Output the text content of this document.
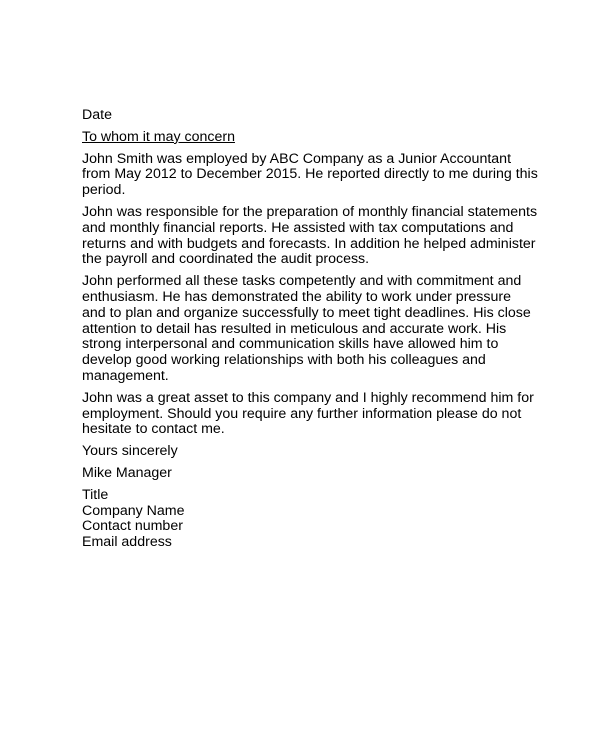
Date
To whom it may concern
John Smith was employed by ABC Company as a Junior Accountant
from May 2012 to December 2015. He reported directly to me during this
period.
John was responsible for the preparation of monthly financial statements
and monthly financial reports. He assisted with tax computations and
returns and with budgets and forecasts. In addition he helped administer
the payroll and coordinated the audit process.
John performed all these tasks competently and with commitment and
enthusiasm. He has demonstrated the ability to work under pressure
and to plan and organize successfully to meet tight deadlines. His close
attention to detail has resulted in meticulous and accurate work. His
strong interpersonal and communication skills have allowed him to
develop good working relationships with both his colleagues and
management.
John was a great asset to this company and I highly recommend him for
employment. Should you require any further information please do not
hesitate to contact me.
Yours sincerely
Mike Manager
Title
Company Name
Contact number
Email address
